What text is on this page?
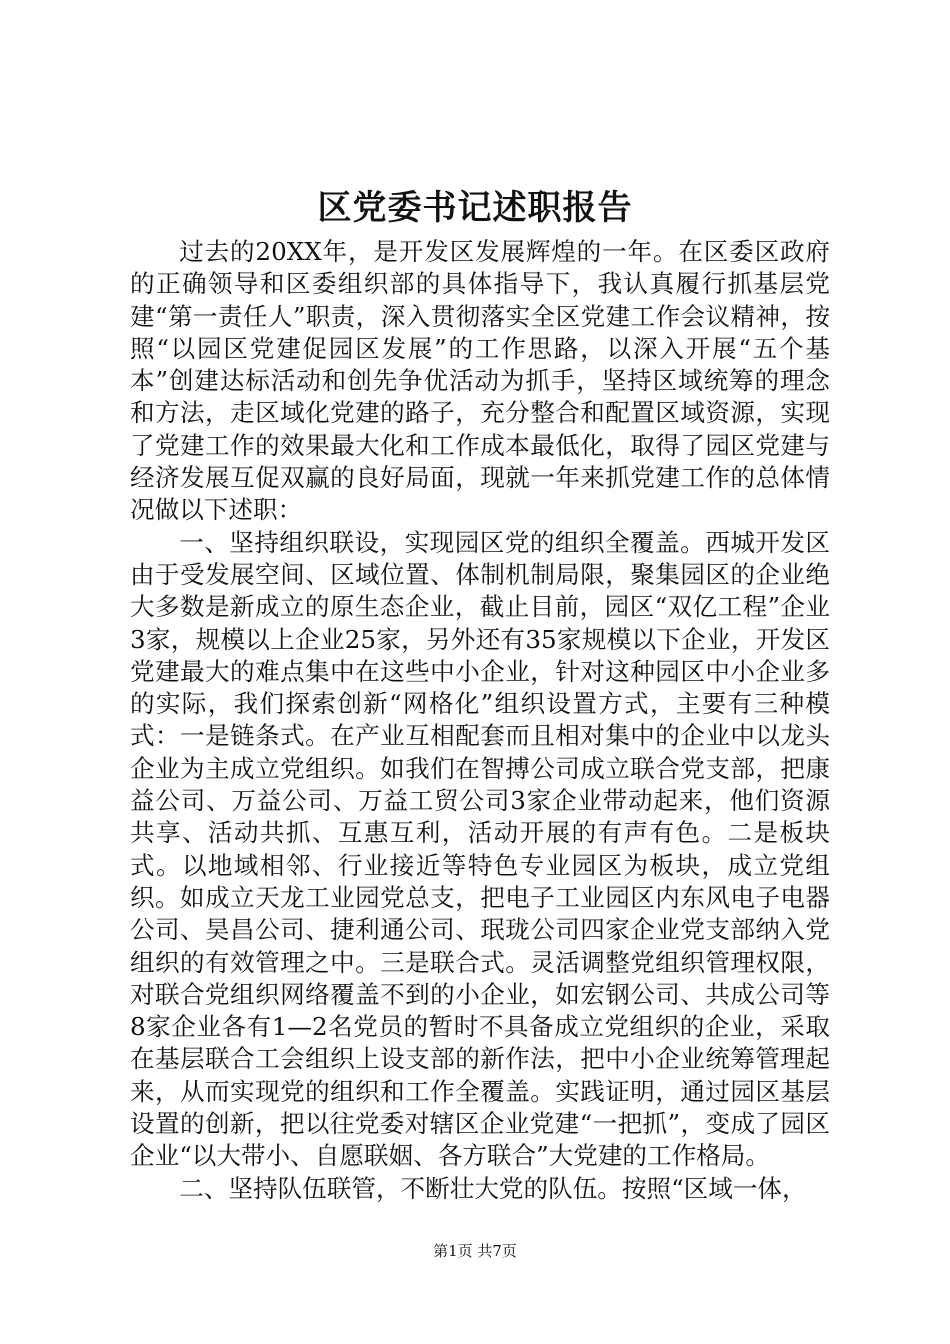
区党委书记述职报告

过去的20XX年，是开发区发展辉煌的一年。在区委区政府的正确领导和区委组织部的具体指导下，我认真履行抓基层党建“第一责任人”职责，深入贯彻落实全区党建工作会议精神，按照“以园区党建促园区发展”的工作思路，以深入开展“五个基本”创建达标活动和创先争优活动为抓手，坚持区域统筹的理念和方法，走区域化党建的路子，充分整合和配置区域资源，实现了党建工作的效果最大化和工作成本最低化，取得了园区党建与经济发展互促双赢的良好局面，现就一年来抓党建工作的总体情况做以下述职：

一、坚持组织联设，实现园区党的组织全覆盖。西城开发区由于受发展空间、区域位置、体制机制局限，聚集园区的企业绝大多数是新成立的原生态企业，截止目前，园区“双亿工程”企业3家，规模以上企业25家，另外还有35家规模以下企业，开发区党建最大的难点集中在这些中小企业，针对这种园区中小企业多的实际，我们探索创新“网格化”组织设置方式，主要有三种模式：一是链条式。在产业互相配套而且相对集中的企业中以龙头企业为主成立党组织。如我们在智搏公司成立联合党支部，把康益公司、万益公司、万益工贸公司3家企业带动起来，他们资源共享、活动共抓、互惠互利，活动开展的有声有色。二是板块式。以地域相邻、行业接近等特色专业园区为板块，成立党组织。如成立天龙工业园党总支，把电子工业园区内东风电子电器公司、昊昌公司、捷利通公司、珉珑公司四家企业党支部纳入党组织的有效管理之中。三是联合式。灵活调整党组织管理权限，对联合党组织网络覆盖不到的小企业，如宏钢公司、共成公司等8家企业各有1—2名党员的暂时不具备成立党组织的企业，采取在基层联合工会组织上设支部的新作法，把中小企业统筹管理起来，从而实现党的组织和工作全覆盖。实践证明，通过园区基层设置的创新，把以往党委对辖区企业党建“一把抓”，变成了园区企业“以大带小、自愿联姻、各方联合”大党建的工作格局。

二、坚持队伍联管，不断壮大党的队伍。按照“区域一体，

第1页 共7页
